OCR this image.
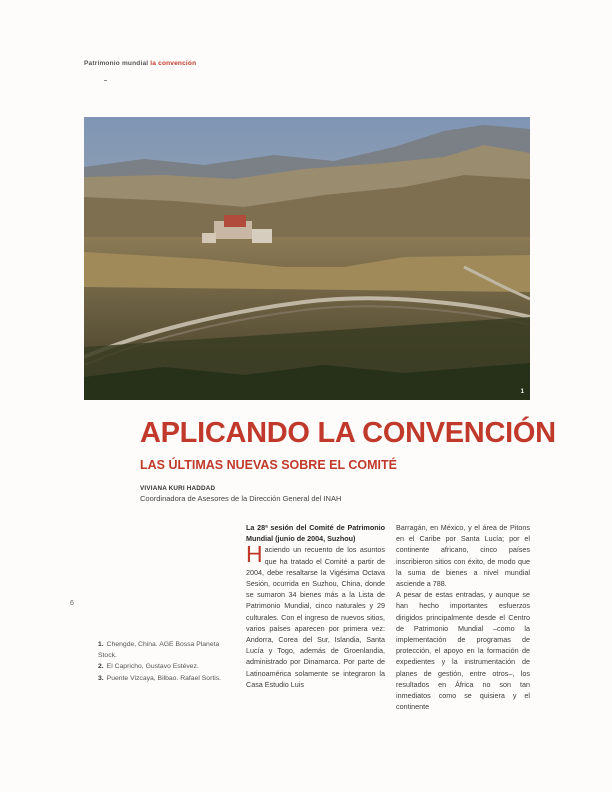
Patrimonio mundial la convención
1
APLICANDO LA CONVENCIÓN
LAS ÚLTIMAS NUEVAS SOBRE EL COMITÉ
VIVIANA KURI HADDAD
Coordinadora de Asesores de la Dirección General del INAH

La 28ª sesión del Comité de Patrimonio Mundial (junio de 2004, Suzhou)

Haciendo un recuento de los asuntos que ha tratado el Comité a partir de 2004, debe resaltarse la Vigésima Octava Sesión, ocurrida en Suzhou, China, donde se sumaron 34 bienes más a la Lista de Patrimonio Mundial, cinco naturales y 29 culturales. Con el ingreso de nuevos sitios, varios países aparecen por primera vez: Andorra, Corea del Sur, Islandia, Santa Lucía y Togo, además de Groenlandia, administrado por Dinamarca. Por parte de Latinoamérica solamente se integraron la Casa Estudio Luis

Barragán, en México, y el área de Pitons en el Caribe por Santa Lucía; por el continente africano, cinco países inscribieron sitios con éxito, de modo que la suma de bienes a nivel mundial asciende a 788.

A pesar de estas entradas, y aunque se han hecho importantes esfuerzos dirigidos principalmente desde el Centro de Patrimonio Mundial –como la implementación de programas de protección, el apoyo en la formación de expedientes y la instrumentación de planes de gestión, entre otros–, los resultados en África no son tan inmediatos como se quisiera y el continente

6
1. Chengde, China. AGE Bossa Planeta Stock.
2. El Capricho, Gustavo Estévez.
3. Puente Vizcaya, Bilbao. Rafael Sortis.
